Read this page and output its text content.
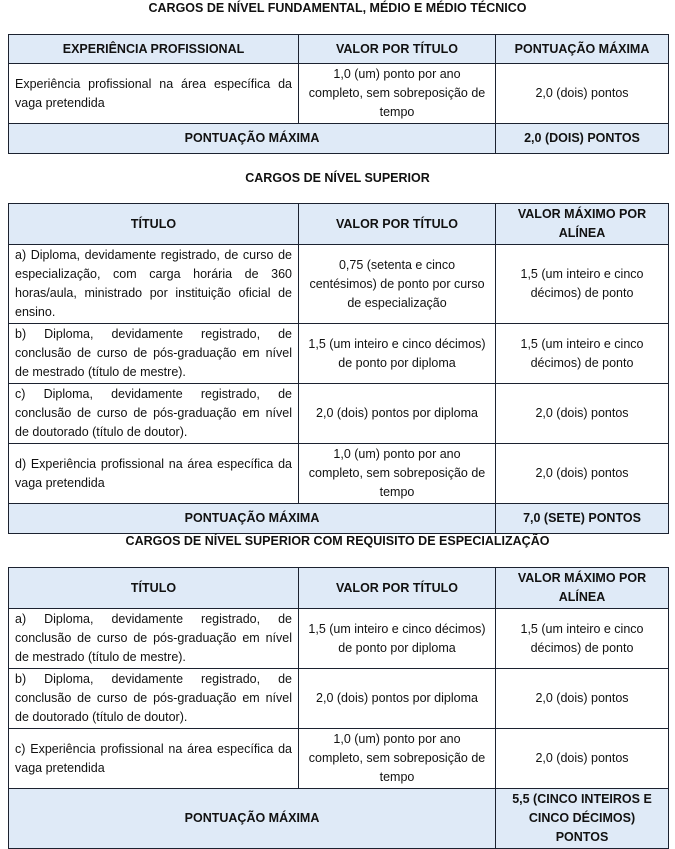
CARGOS DE NÍVEL FUNDAMENTAL, MÉDIO E MÉDIO TÉCNICO
EXPERIÊNCIA PROFISSIONAL	VALOR POR TÍTULO	PONTUAÇÃO MÁXIMA
Experiência profissional na área específica da vaga pretendida	1,0 (um) ponto por ano completo, sem sobreposição de tempo	2,0 (dois) pontos
PONTUAÇÃO MÁXIMA		2,0 (DOIS) PONTOS
CARGOS DE NÍVEL SUPERIOR
TÍTULO	VALOR POR TÍTULO	VALOR MÁXIMO POR ALÍNEA
a) Diploma, devidamente registrado, de curso de especialização, com carga horária de 360 horas/aula, ministrado por instituição oficial de ensino.	0,75 (setenta e cinco centésimos) de ponto por curso de especialização	1,5 (um inteiro e cinco décimos) de ponto
b) Diploma, devidamente registrado, de conclusão de curso de pós-graduação em nível de mestrado (título de mestre).	1,5 (um inteiro e cinco décimos) de ponto por diploma	1,5 (um inteiro e cinco décimos) de ponto
c) Diploma, devidamente registrado, de conclusão de curso de pós-graduação em nível de doutorado (título de doutor).	2,0 (dois) pontos por diploma	2,0 (dois) pontos
d) Experiência profissional na área específica da vaga pretendida	1,0 (um) ponto por ano completo, sem sobreposição de tempo	2,0 (dois) pontos
PONTUAÇÃO MÁXIMA		7,0 (SETE) PONTOS
CARGOS DE NÍVEL SUPERIOR COM REQUISITO DE ESPECIALIZAÇÃO
TÍTULO	VALOR POR TÍTULO	VALOR MÁXIMO POR ALÍNEA
a) Diploma, devidamente registrado, de conclusão de curso de pós-graduação em nível de mestrado (título de mestre).	1,5 (um inteiro e cinco décimos) de ponto por diploma	1,5 (um inteiro e cinco décimos) de ponto
b) Diploma, devidamente registrado, de conclusão de curso de pós-graduação em nível de doutorado (título de doutor).	2,0 (dois) pontos por diploma	2,0 (dois) pontos
c) Experiência profissional na área específica da vaga pretendida	1,0 (um) ponto por ano completo, sem sobreposição de tempo	2,0 (dois) pontos
PONTUAÇÃO MÁXIMA		5,5 (CINCO INTEIROS E CINCO DÉCIMOS) PONTOS
